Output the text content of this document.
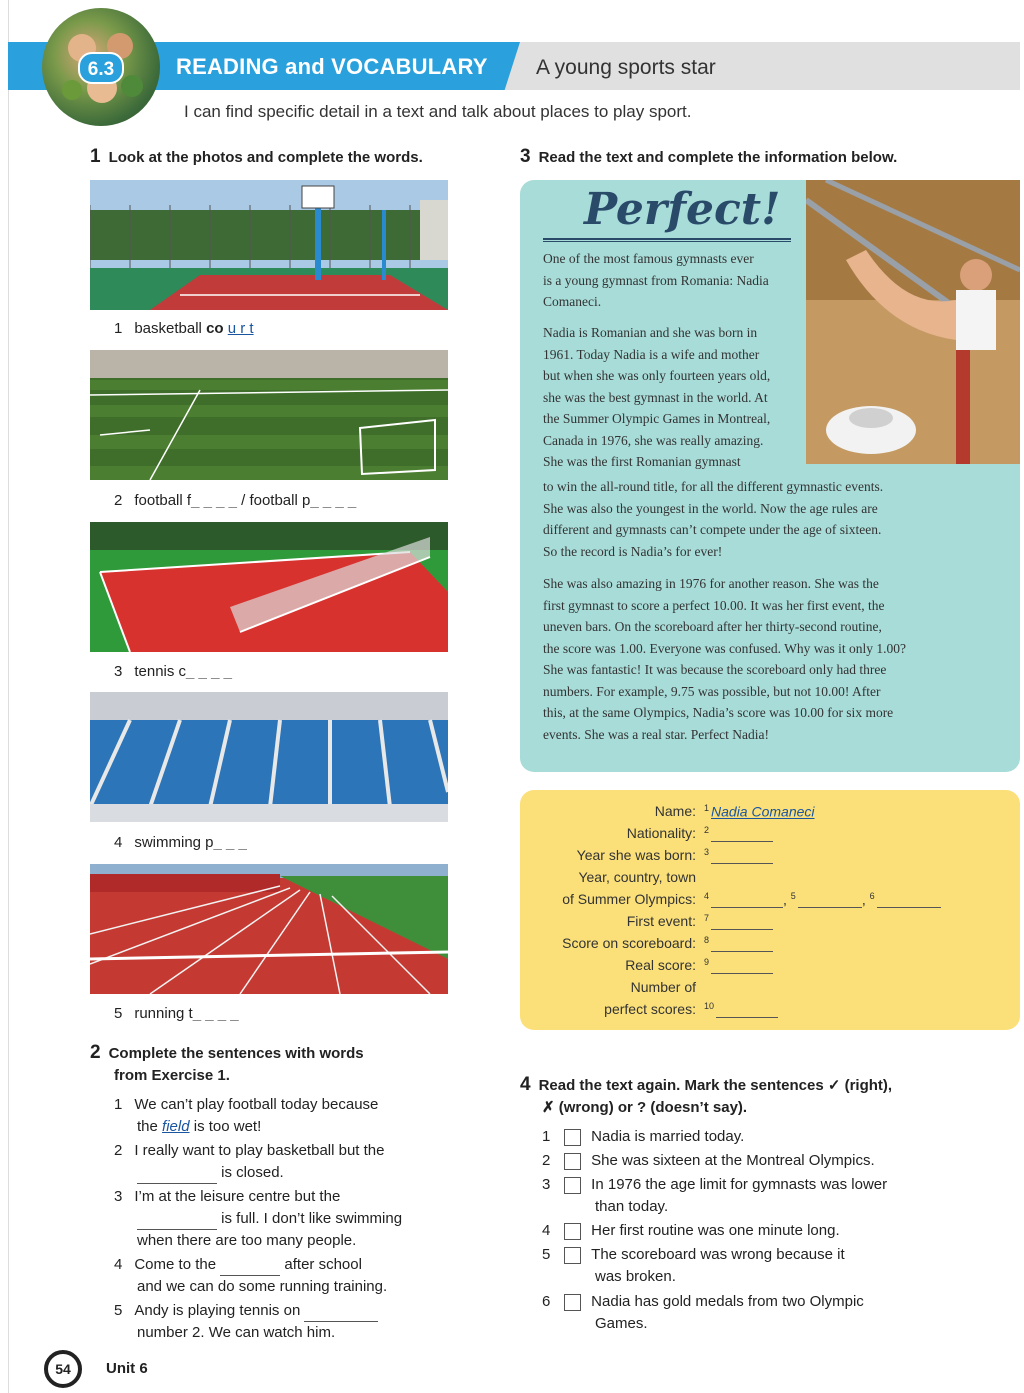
6.3	READING and VOCABULARY A young sports star
I can find specific detail in a text and talk about places to play sport.
1 Look at the photos and complete the words.
1 basketball co u r t
2 football f_ _ _ _ / football p_ _ _ _
3 tennis c_ _ _ _
4 swimming p_ _ _
5 running t_ _ _ _
2 Complete the sentences with words
from Exercise 1.
1 We can’t play football today because
the field is too wet!
2 I really want to play basketball but the
is closed.
3 I’m at the leisure centre but the
is full. I don’t like swimming
when there are too many people.
4 Come to the	after school
and we can do some running training.
5 Andy is playing tennis on
number 2. We can watch him.
3 Read the text and complete the information below.
Perfect!
One of the most famous gymnasts ever
is a young gymnast from Romania: Nadia
Comaneci.
Nadia is Romanian and she was born in
1961. Today Nadia is a wife and mother
but when she was only fourteen years old,
she was the best gymnast in the world. At
the Summer Olympic Games in Montreal,
Canada in 1976, she was really amazing.
She was the first Romanian gymnast
to win the all-round title, for all the different gymnastic events.
She was also the youngest in the world. Now the age rules are
different and gymnasts can’t compete under the age of sixteen.
So the record is Nadia’s for ever!
She was also amazing in 1976 for another reason. She was the
first gymnast to score a perfect 10.00. It was her first event, the
uneven bars. On the scoreboard after her thirty-second routine,
the score was 1.00. Everyone was confused. Why was it only 1.00?
She was fantastic! It was because the scoreboard only had three
numbers. For example, 9.75 was possible, but not 10.00! After
this, at the same Olympics, Nadia’s score was 10.00 for six more
events. She was a real star. Perfect Nadia!
Name: $^1$ Nadia Comaneci
Nationality: $^2$
Year she was born: $^3$
Year, country, town
of Summer Olympics: $^4$	, $^5$	, $^6$
First event: $^7$
Score on scoreboard: $^8$
Real score: $^9$
Number of
perfect scores: $^{10}$
4 Read the text again. Mark the sentences ✓ (right),
✗ (wrong) or ? (doesn’t say).
1	Nadia is married today.
2	She was sixteen at the Montreal Olympics.
3	In 1976 the age limit for gymnasts was lower
than today.
4	Her first routine was one minute long.
5	The scoreboard was wrong because it
was broken.
6	Nadia has gold medals from two Olympic
Games.
54	Unit 6
